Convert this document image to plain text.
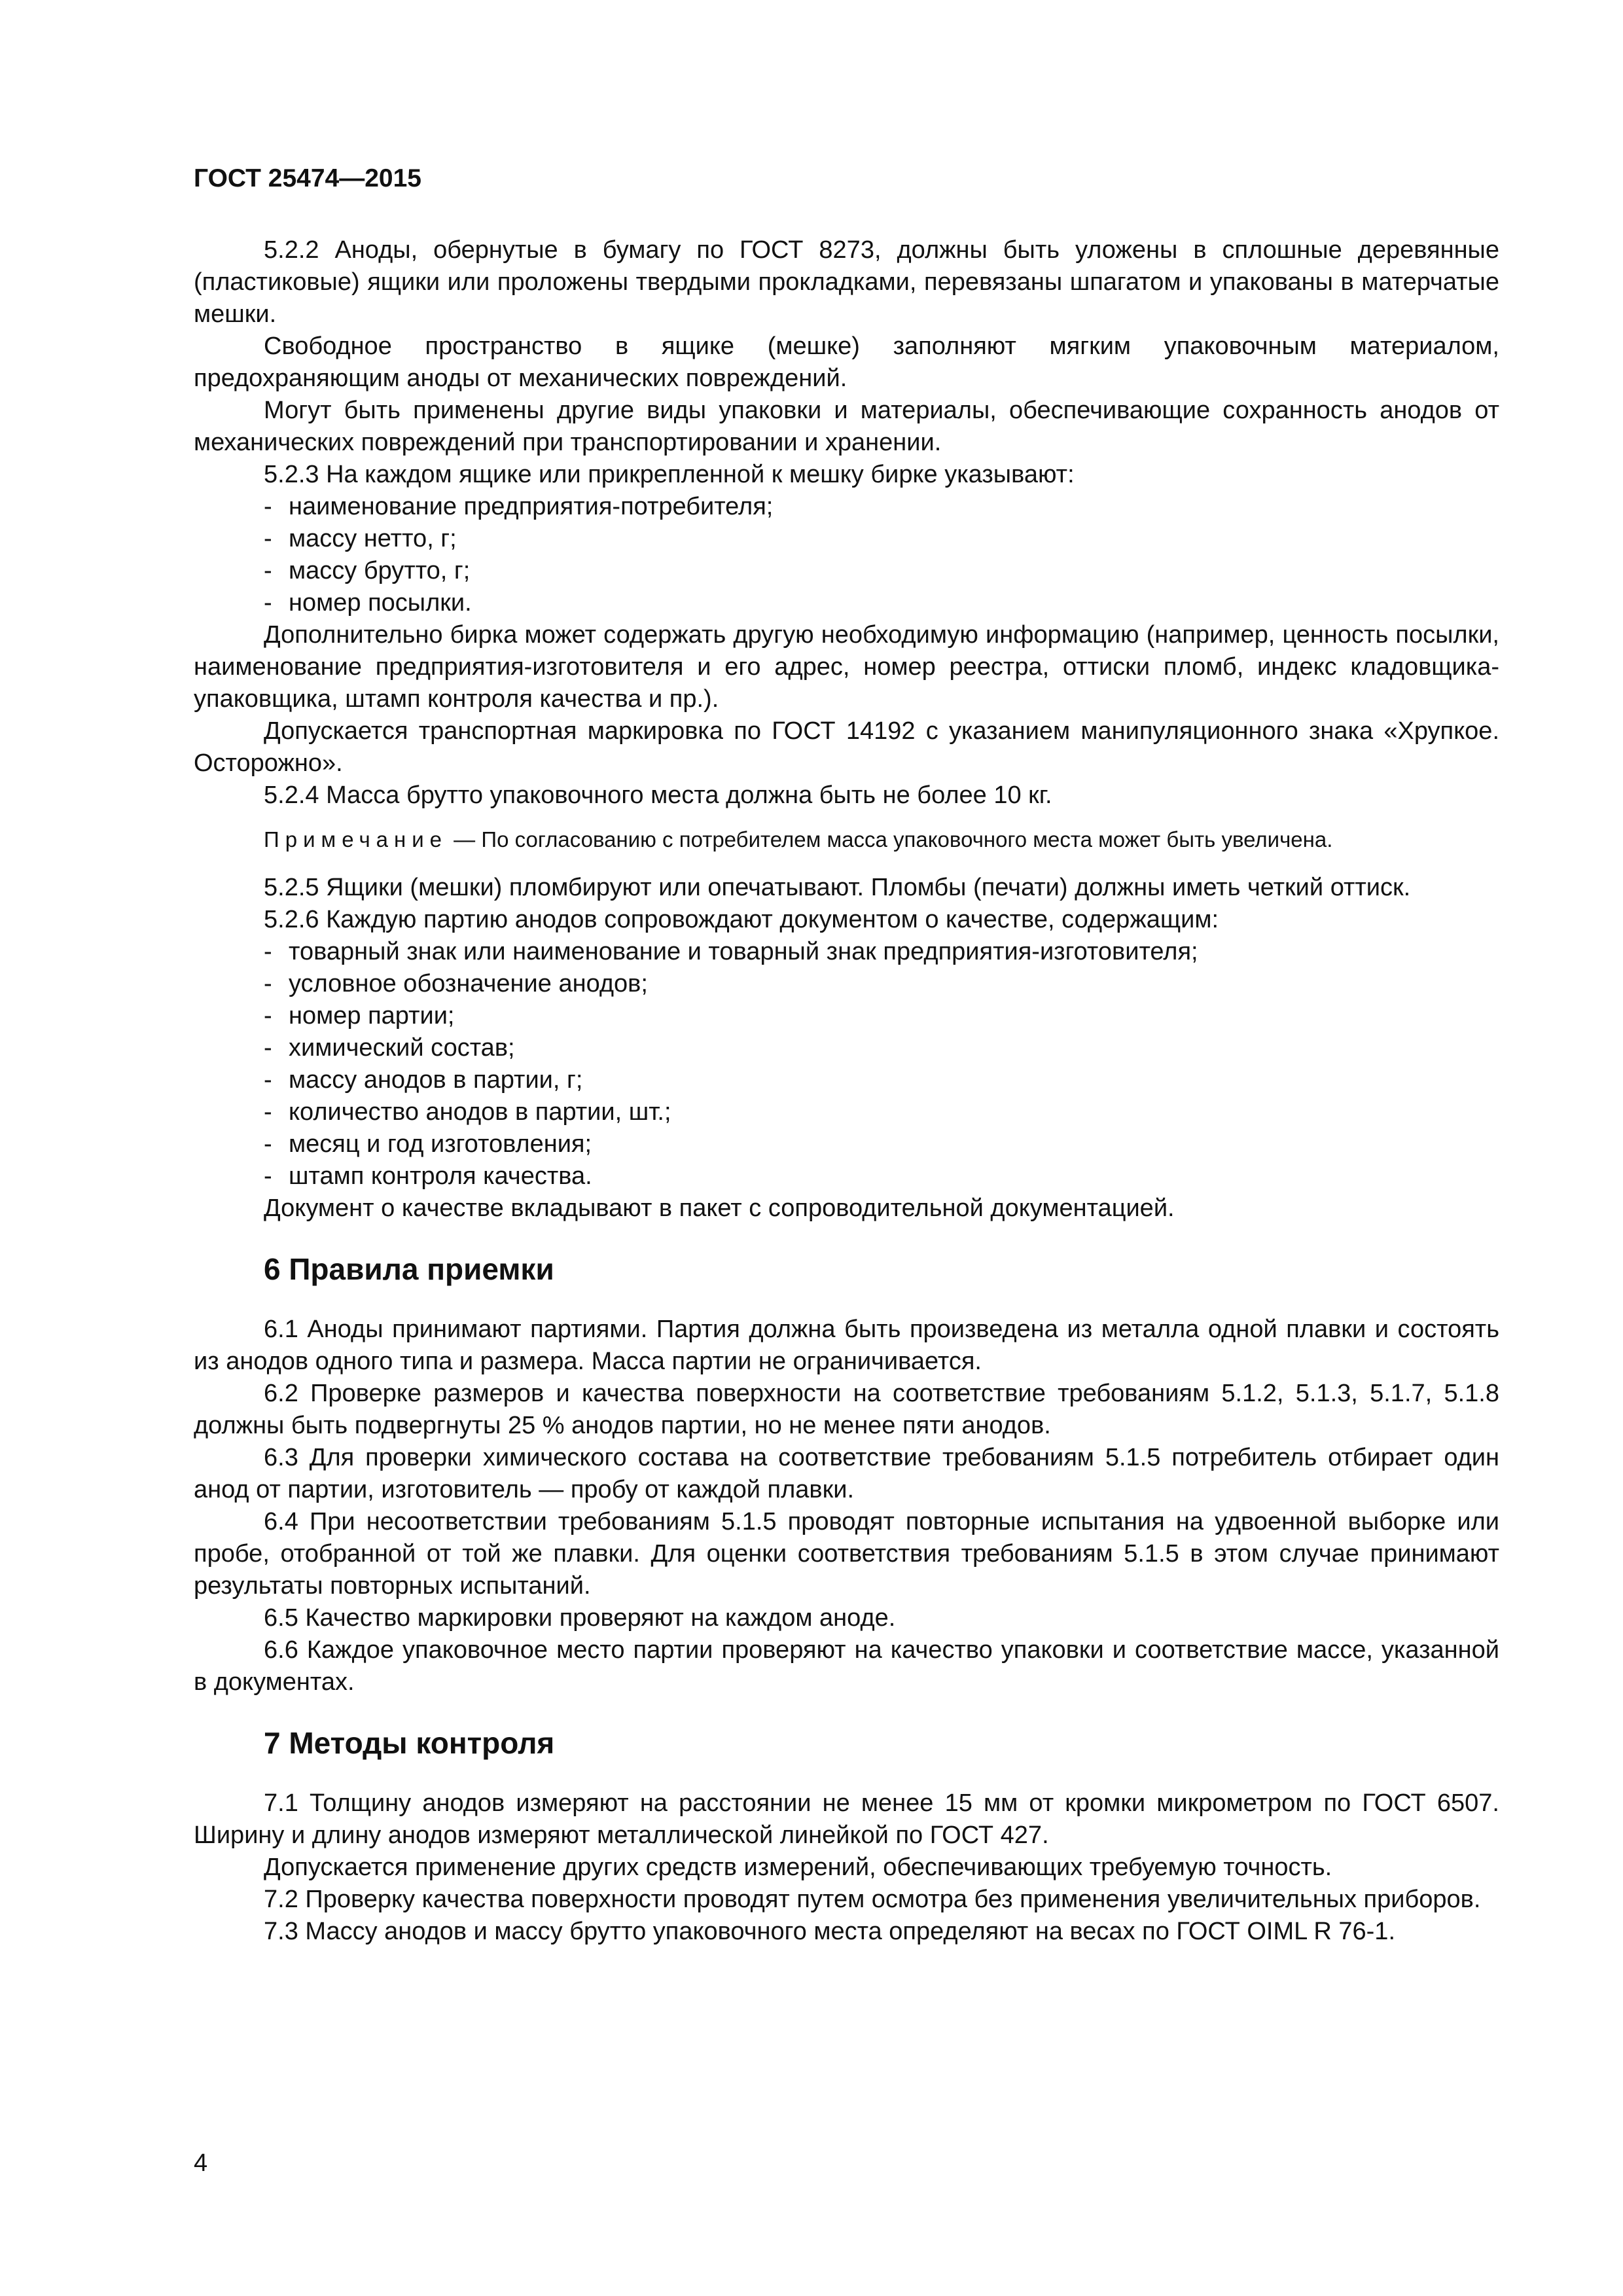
ГОСТ 25474—2015

5.2.2 Аноды, обернутые в бумагу по ГОСТ 8273, должны быть уложены в сплошные деревянные (пластиковые) ящики или проложены твердыми прокладками, перевязаны шпагатом и упакованы в матерчатые мешки.

Свободное пространство в ящике (мешке) заполняют мягким упаковочным материалом, предохраняющим аноды от механических повреждений.

Могут быть применены другие виды упаковки и материалы, обеспечивающие сохранность анодов от механических повреждений при транспортировании и хранении.

5.2.3 На каждом ящике или прикрепленной к мешку бирке указывают:

- наименование предприятия-потребителя;

- массу нетто, г;

- массу брутто, г;

- номер посылки.

Дополнительно бирка может содержать другую необходимую информацию (например, ценность посылки, наименование предприятия-изготовителя и его адрес, номер реестра, оттиски пломб, индекс кладовщика-упаковщика, штамп контроля качества и пр.).

Допускается транспортная маркировка по ГОСТ 14192 с указанием манипуляционного знака «Хрупкое. Осторожно».

5.2.4 Масса брутто упаковочного места должна быть не более 10 кг.

Примечание — По согласованию с потребителем масса упаковочного места может быть увеличена.

5.2.5 Ящики (мешки) пломбируют или опечатывают. Пломбы (печати) должны иметь четкий оттиск.

5.2.6 Каждую партию анодов сопровождают документом о качестве, содержащим:

- товарный знак или наименование и товарный знак предприятия-изготовителя;

- условное обозначение анодов;

- номер партии;

- химический состав;

- массу анодов в партии, г;

- количество анодов в партии, шт.;

- месяц и год изготовления;

- штамп контроля качества.

Документ о качестве вкладывают в пакет с сопроводительной документацией.

6 Правила приемки

6.1 Аноды принимают партиями. Партия должна быть произведена из металла одной плавки и состоять из анодов одного типа и размера. Масса партии не ограничивается.

6.2 Проверке размеров и качества поверхности на соответствие требованиям 5.1.2, 5.1.3, 5.1.7, 5.1.8 должны быть подвергнуты 25 % анодов партии, но не менее пяти анодов.

6.3 Для проверки химического состава на соответствие требованиям 5.1.5 потребитель отбирает один анод от партии, изготовитель — пробу от каждой плавки.

6.4 При несоответствии требованиям 5.1.5 проводят повторные испытания на удвоенной выборке или пробе, отобранной от той же плавки. Для оценки соответствия требованиям 5.1.5 в этом случае принимают результаты повторных испытаний.

6.5 Качество маркировки проверяют на каждом аноде.

6.6 Каждое упаковочное место партии проверяют на качество упаковки и соответствие массе, указанной в документах.

7 Методы контроля

7.1 Толщину анодов измеряют на расстоянии не менее 15 мм от кромки микрометром по ГОСТ 6507. Ширину и длину анодов измеряют металлической линейкой по ГОСТ 427.

Допускается применение других средств измерений, обеспечивающих требуемую точность.

7.2 Проверку качества поверхности проводят путем осмотра без применения увеличительных приборов.

7.3 Массу анодов и массу брутто упаковочного места определяют на весах по ГОСТ OIML R 76-1.

4
